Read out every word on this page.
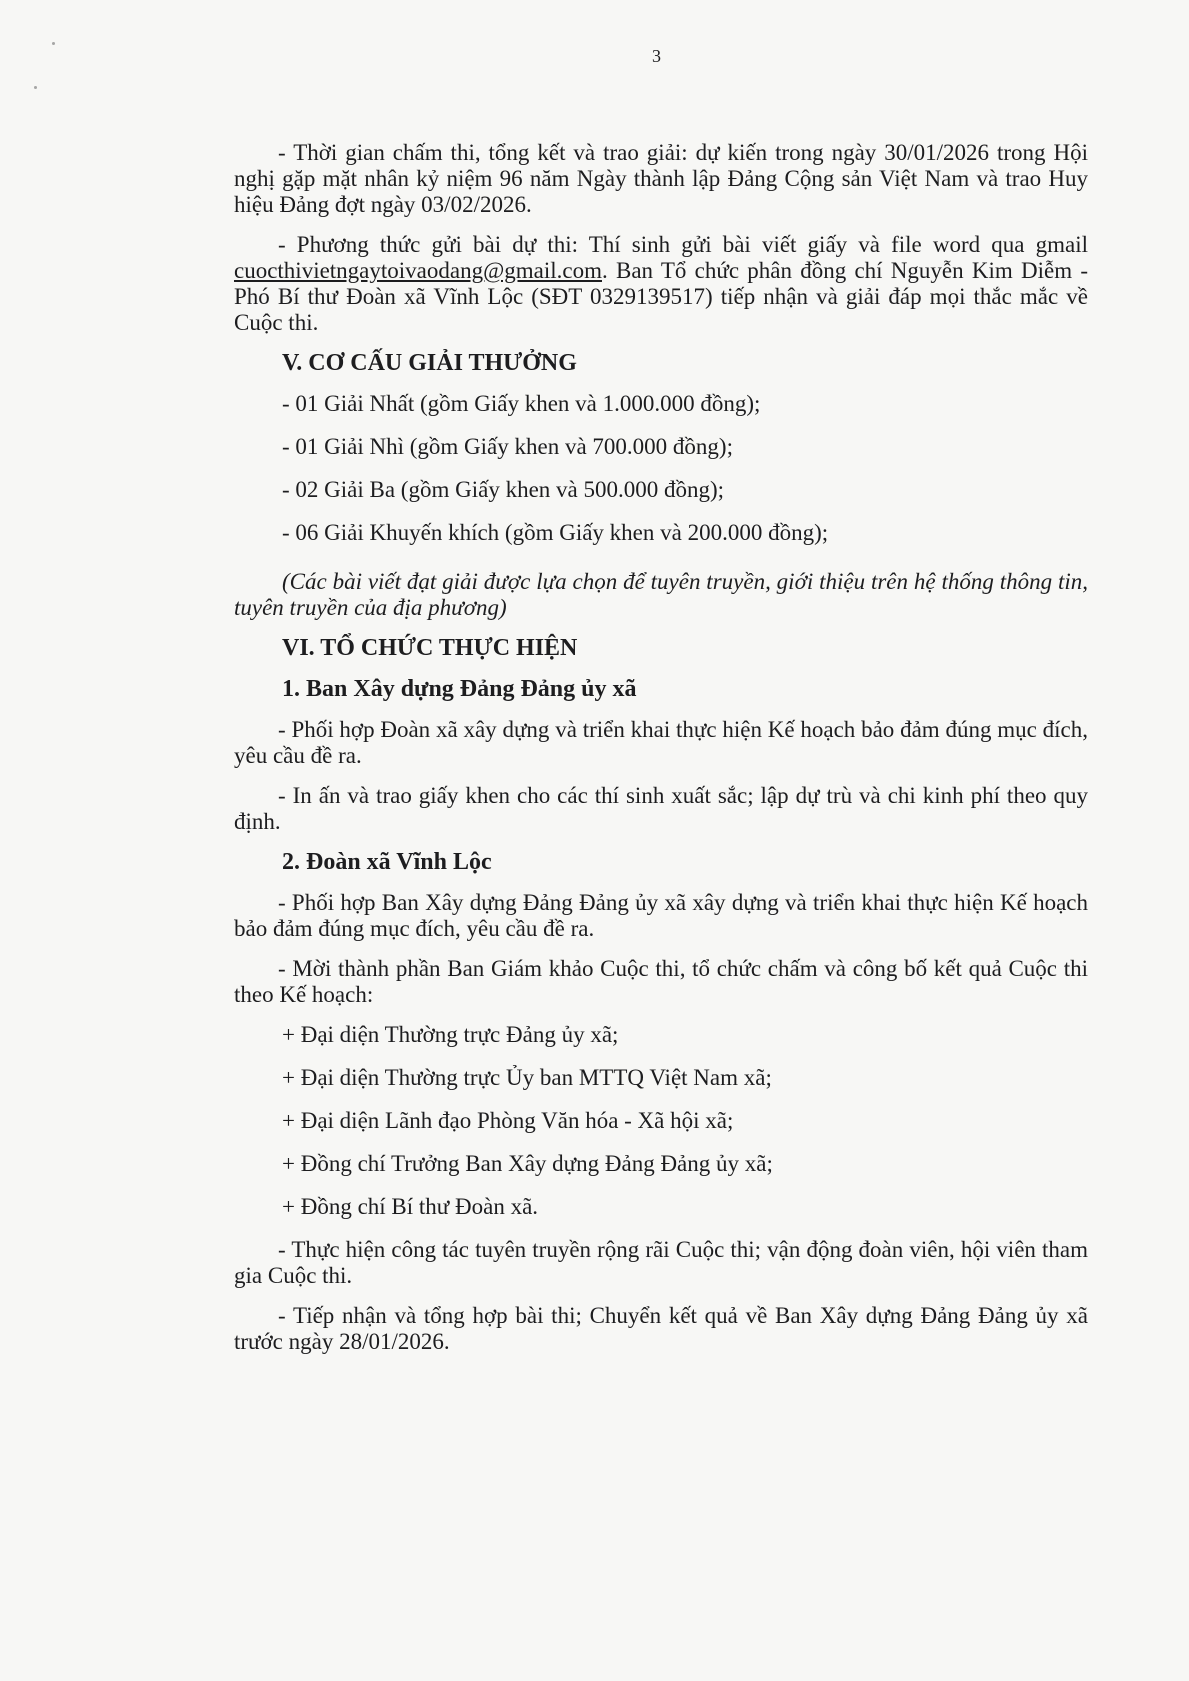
3

- Thời gian chấm thi, tổng kết và trao giải: dự kiến trong ngày 30/01/2026 trong Hội nghị gặp mặt nhân kỷ niệm 96 năm Ngày thành lập Đảng Cộng sản Việt Nam và trao Huy hiệu Đảng đợt ngày 03/02/2026.

- Phương thức gửi bài dự thi: Thí sinh gửi bài viết giấy và file word qua gmail cuocthivietngaytoivaodang@gmail.com. Ban Tổ chức phân đồng chí Nguyễn Kim Diễm - Phó Bí thư Đoàn xã Vĩnh Lộc (SĐT 0329139517) tiếp nhận và giải đáp mọi thắc mắc về Cuộc thi.

V. CƠ CẤU GIẢI THƯỞNG
- 01 Giải Nhất (gồm Giấy khen và 1.000.000 đồng);
- 01 Giải Nhì (gồm Giấy khen và 700.000 đồng);
- 02 Giải Ba (gồm Giấy khen và 500.000 đồng);
- 06 Giải Khuyến khích (gồm Giấy khen và 200.000 đồng);

(Các bài viết đạt giải được lựa chọn để tuyên truyền, giới thiệu trên hệ thống thông tin, tuyên truyền của địa phương)

VI. TỔ CHỨC THỰC HIỆN
1. Ban Xây dựng Đảng Đảng ủy xã

- Phối hợp Đoàn xã xây dựng và triển khai thực hiện Kế hoạch bảo đảm đúng mục đích, yêu cầu đề ra.

- In ấn và trao giấy khen cho các thí sinh xuất sắc; lập dự trù và chi kinh phí theo quy định.

2. Đoàn xã Vĩnh Lộc

- Phối hợp Ban Xây dựng Đảng Đảng ủy xã xây dựng và triển khai thực hiện Kế hoạch bảo đảm đúng mục đích, yêu cầu đề ra.

- Mời thành phần Ban Giám khảo Cuộc thi, tổ chức chấm và công bố kết quả Cuộc thi theo Kế hoạch:

+ Đại diện Thường trực Đảng ủy xã;
+ Đại diện Thường trực Ủy ban MTTQ Việt Nam xã;
+ Đại diện Lãnh đạo Phòng Văn hóa - Xã hội xã;
+ Đồng chí Trưởng Ban Xây dựng Đảng Đảng ủy xã;
+ Đồng chí Bí thư Đoàn xã.

- Thực hiện công tác tuyên truyền rộng rãi Cuộc thi; vận động đoàn viên, hội viên tham gia Cuộc thi.

- Tiếp nhận và tổng hợp bài thi; Chuyển kết quả về Ban Xây dựng Đảng Đảng ủy xã trước ngày 28/01/2026.
